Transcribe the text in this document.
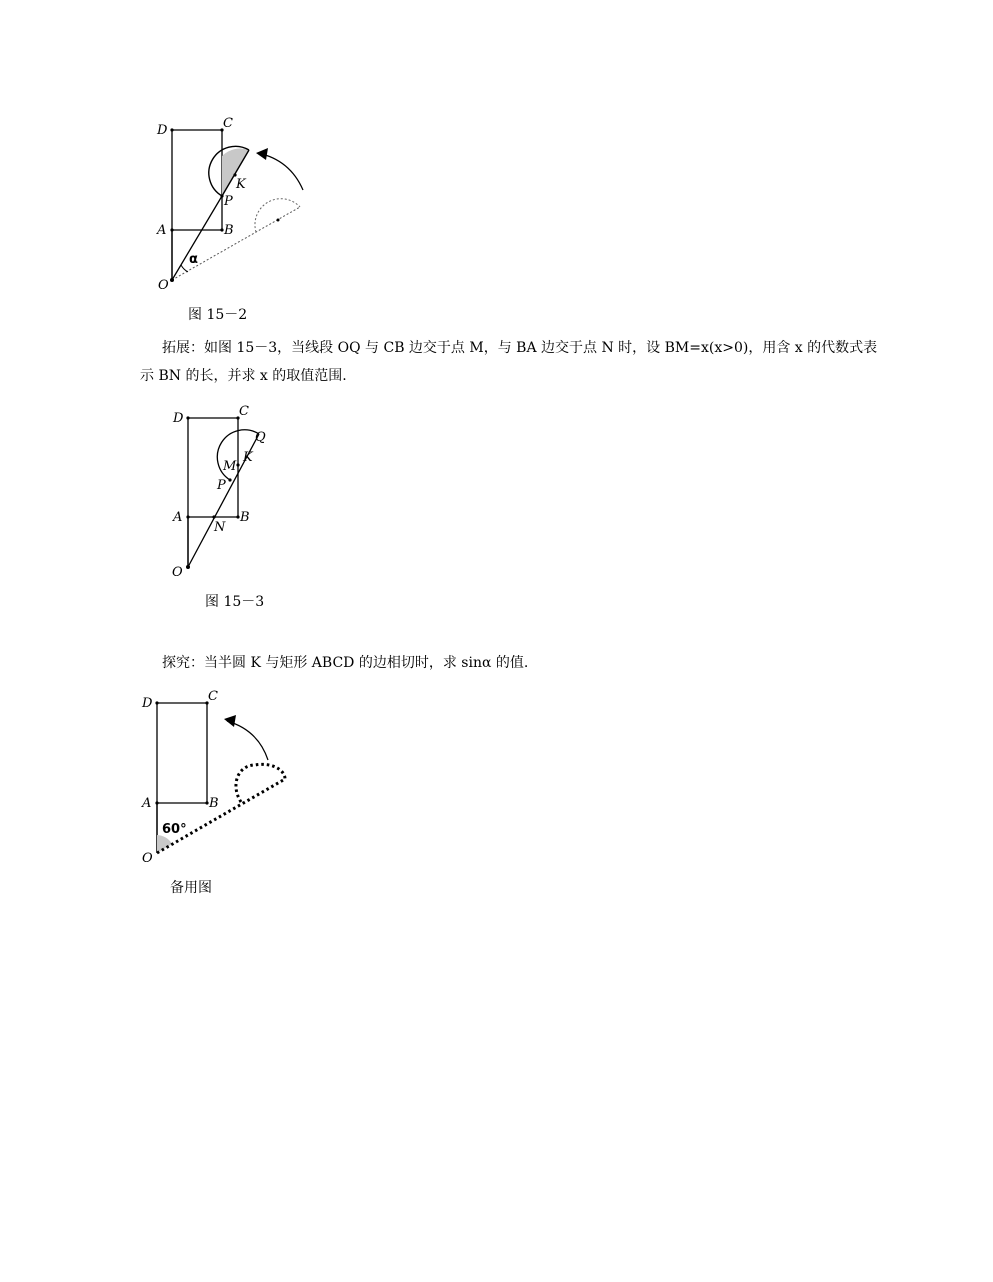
D	C
A	B
O
P
K
α
图 15－2
拓展：如图 15－3，当线段 OQ 与 CB 边交于点 M，与 BA 边交于点 N 时，设 BM=x(x>0)，用含 x 的代数式表
示 BN 的长，并求 x 的取值范围.
D	C
A	B
O
P
K
M
N
Q
图 15－3
探究：当半圆 K 与矩形 ABCD 的边相切时，求 sinα 的值.
D	C
A	B
O
60°
备用图
